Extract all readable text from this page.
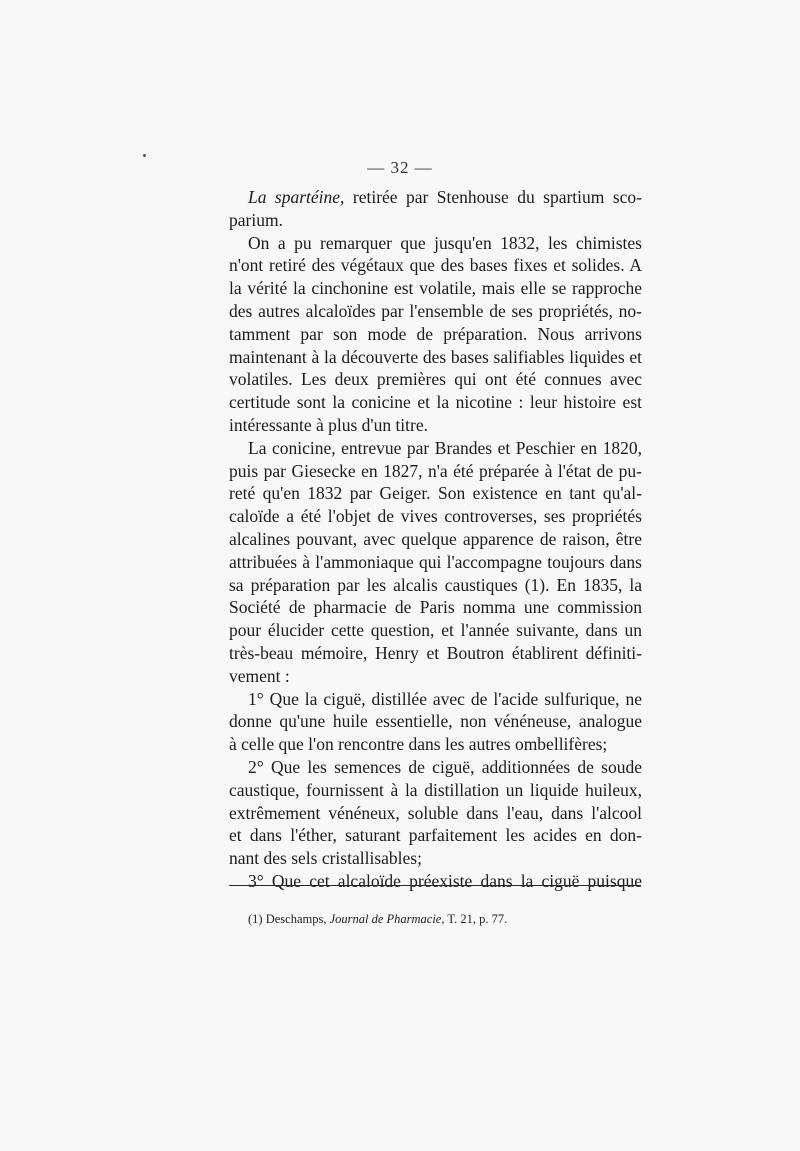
— 32 —
La spartéine, retirée par Stenhouse du spartium sco-
parium.
On a pu remarquer que jusqu'en 1832, les chimistes
n'ont retiré des végétaux que des bases fixes et solides. A
la vérité la cinchonine est volatile, mais elle se rapproche
des autres alcaloïdes par l'ensemble de ses propriétés, no-
tamment par son mode de préparation. Nous arrivons
maintenant à la découverte des bases salifiables liquides et
volatiles. Les deux premières qui ont été connues avec
certitude sont la conicine et la nicotine : leur histoire est
intéressante à plus d'un titre.
La conicine, entrevue par Brandes et Peschier en 1820,
puis par Giesecke en 1827, n'a été préparée à l'état de pu-
reté qu'en 1832 par Geiger. Son existence en tant qu'al-
caloïde a été l'objet de vives controverses, ses propriétés
alcalines pouvant, avec quelque apparence de raison, être
attribuées à l'ammoniaque qui l'accompagne toujours dans
sa préparation par les alcalis caustiques (1). En 1835, la
Société de pharmacie de Paris nomma une commission
pour élucider cette question, et l'année suivante, dans un
très-beau mémoire, Henry et Boutron établirent définiti-
vement :
1° Que la ciguë, distillée avec de l'acide sulfurique, ne
donne qu'une huile essentielle, non vénéneuse, analogue
à celle que l'on rencontre dans les autres ombellifères;
2° Que les semences de ciguë, additionnées de soude
caustique, fournissent à la distillation un liquide huileux,
extrêmement vénéneux, soluble dans l'eau, dans l'alcool
et dans l'éther, saturant parfaitement les acides en don-
nant des sels cristallisables;
3° Que cet alcaloïde préexiste dans la ciguë puisque
(1) Deschamps, Journal de Pharmacie, T. 21, p. 77.
